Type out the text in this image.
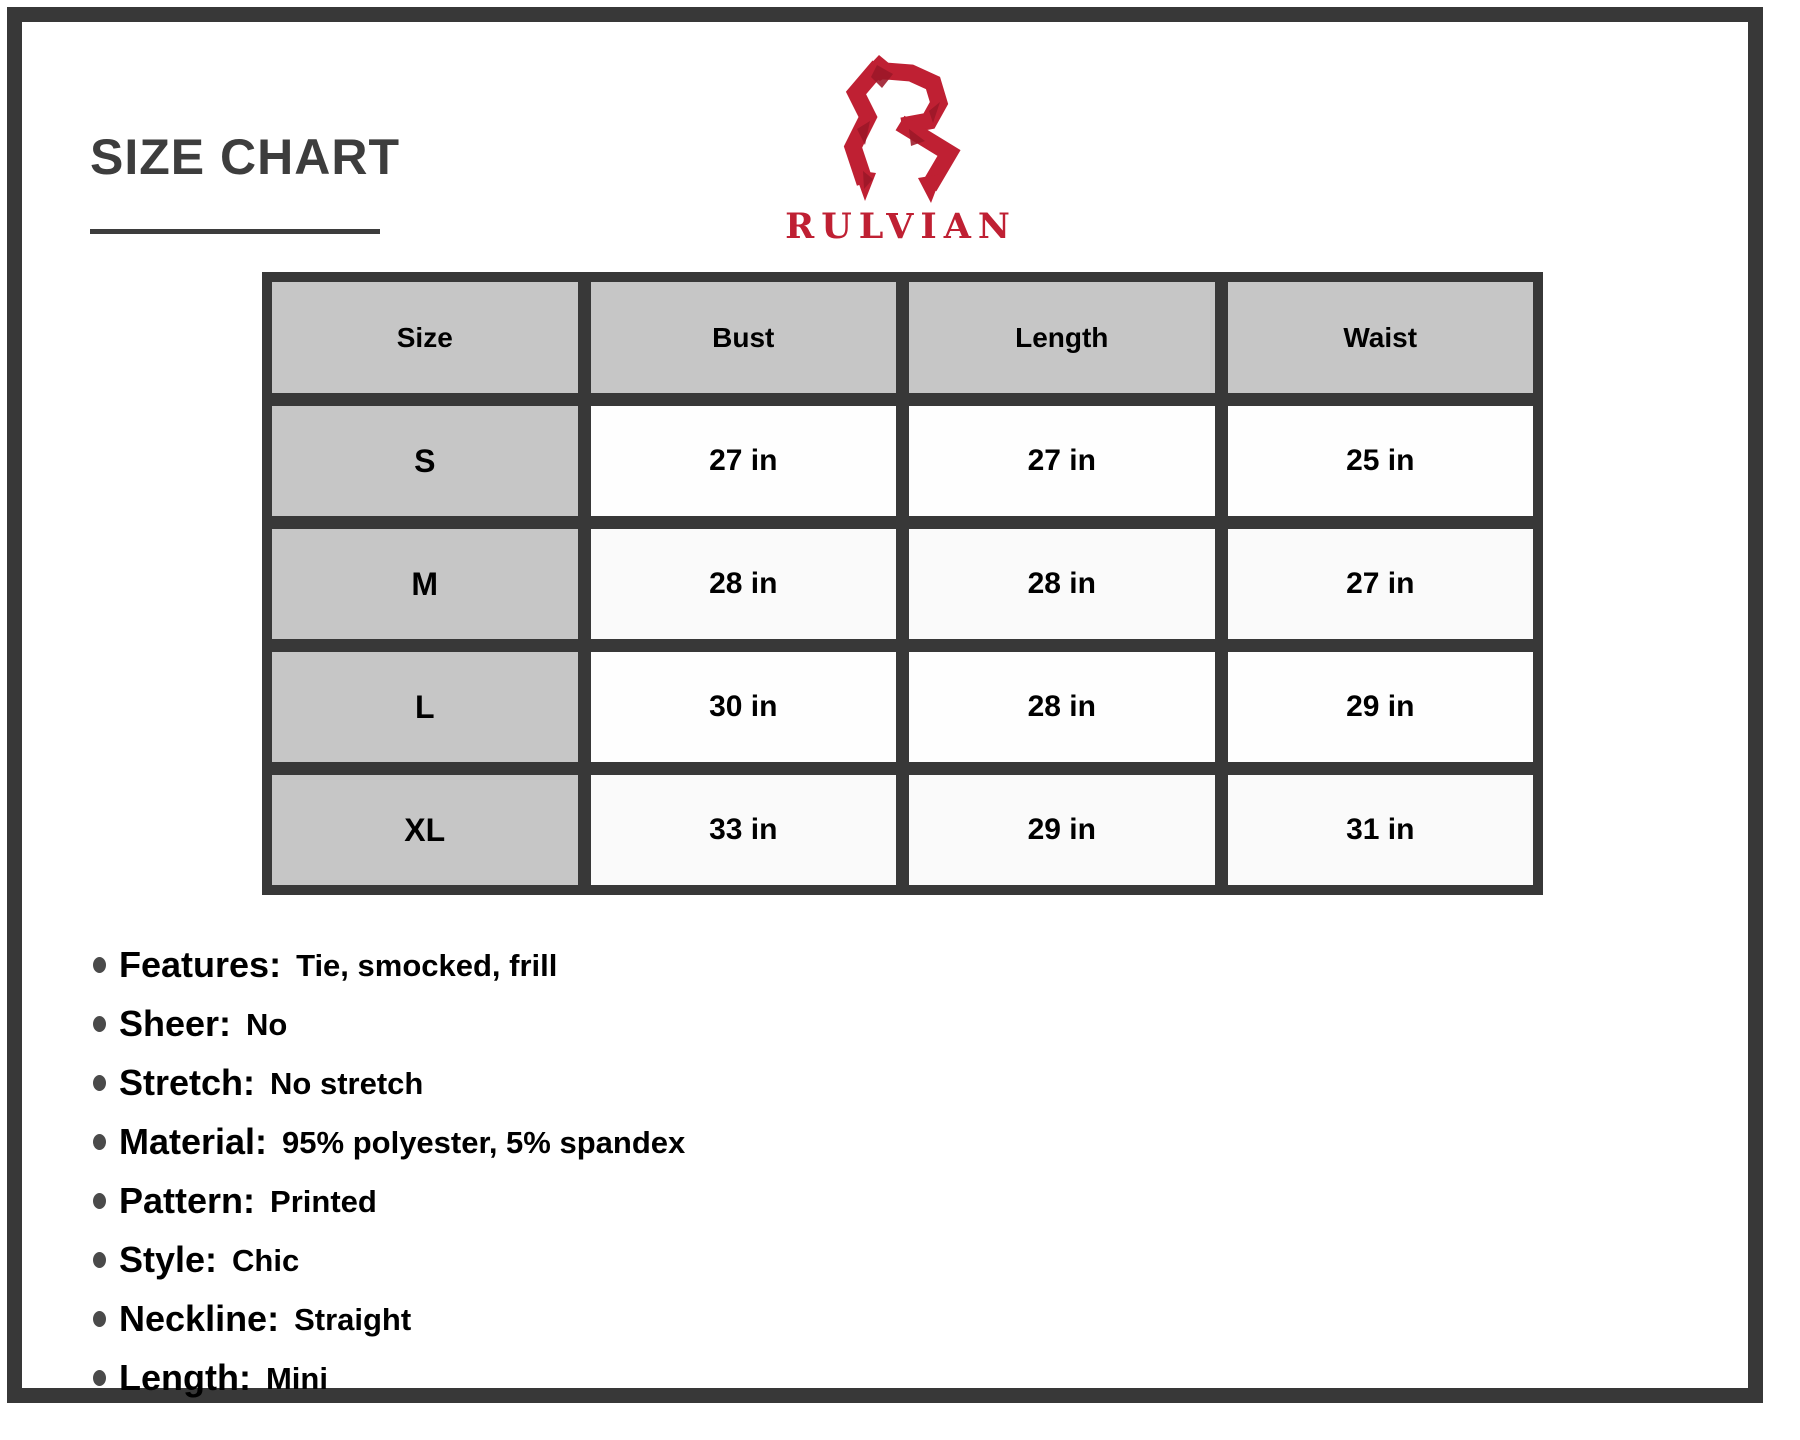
SIZE CHART
RULVIAN
Size	Bust	Length	Waist
S	27 in	27 in	25 in
M	28 in	28 in	27 in
L	30 in	28 in	29 in
XL	33 in	29 in	31 in
Features: Tie, smocked, frill
Sheer: No
Stretch: No stretch
Material: 95% polyester, 5% spandex
Pattern: Printed
Style: Chic
Neckline: Straight
Length: Mini
